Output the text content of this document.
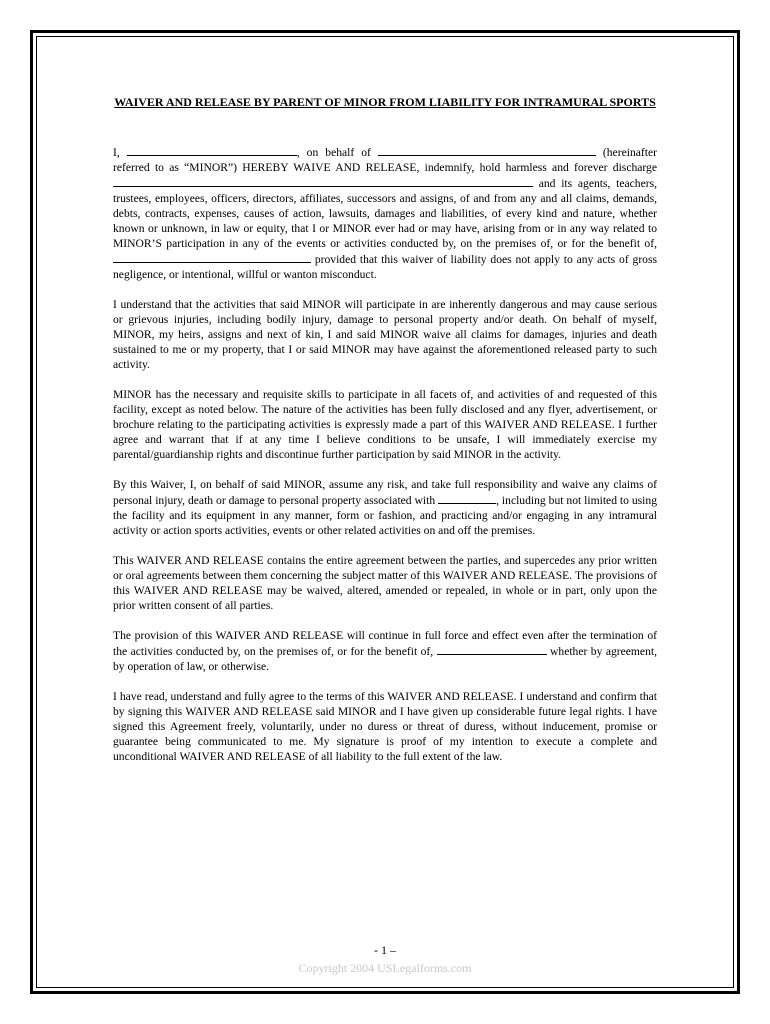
WAIVER AND RELEASE BY PARENT OF MINOR FROM LIABILITY FOR INTRAMURAL SPORTS

I,	, on behalf of	(hereinafter referred to as “MINOR”) HEREBY WAIVE AND RELEASE, indemnify, hold harmless and forever discharge  and its agents, teachers, trustees, employees, officers, directors, affiliates, successors and assigns, of and from any and all claims, demands, debts, contracts, expenses, causes of action, lawsuits, damages and liabilities, of every kind and nature, whether known or unknown, in law or equity, that I or MINOR ever had or may have, arising from or in any way related to MINOR’S participation in any of the events or activities conducted by, on the premises of, or for the benefit of,  provided that this waiver of liability does not apply to any acts of gross negligence, or intentional, willful or wanton misconduct.

I understand that the activities that said MINOR will participate in are inherently dangerous and may cause serious or grievous injuries, including bodily injury, damage to personal property and/or death. On behalf of myself, MINOR, my heirs, assigns and next of kin, I and said MINOR waive all claims for damages, injuries and death sustained to me or my property, that I or said MINOR may have against the aforementioned released party to such activity.

MINOR has the necessary and requisite skills to participate in all facets of, and activities of and requested of this facility, except as noted below. The nature of the activities has been fully disclosed and any flyer, advertisement, or brochure relating to the participating activities is expressly made a part of this WAIVER AND RELEASE. I further agree and warrant that if at any time I believe conditions to be unsafe, I will immediately exercise my parental/guardianship rights and discontinue further participation by said MINOR in the activity.

By this Waiver, I, on behalf of said MINOR, assume any risk, and take full responsibility and waive any claims of personal injury, death or damage to personal property associated with	, including but not limited to using the facility and its equipment in any manner, form or fashion, and practicing and/or engaging in any intramural activity or action sports activities, events or other related activities on and off the premises.

This WAIVER AND RELEASE contains the entire agreement between the parties, and supercedes any prior written or oral agreements between them concerning the subject matter of this WAIVER AND RELEASE. The provisions of this WAIVER AND RELEASE may be waived, altered, amended or repealed, in whole or in part, only upon the prior written consent of all parties.

The provision of this WAIVER AND RELEASE will continue in full force and effect even after the termination of the activities conducted by, on the premises of, or for the benefit of,	whether by agreement, by operation of law, or otherwise.

I have read, understand and fully agree to the terms of this WAIVER AND RELEASE. I understand and confirm that by signing this WAIVER AND RELEASE said MINOR and I have given up considerable future legal rights. I have signed this Agreement freely, voluntarily, under no duress or threat of duress, without inducement, promise or guarantee being communicated to me. My signature is proof of my intention to execute a complete and unconditional WAIVER AND RELEASE of all liability to the full extent of the law.

- 1 –
Copyright 2004 USLegalforms.com
